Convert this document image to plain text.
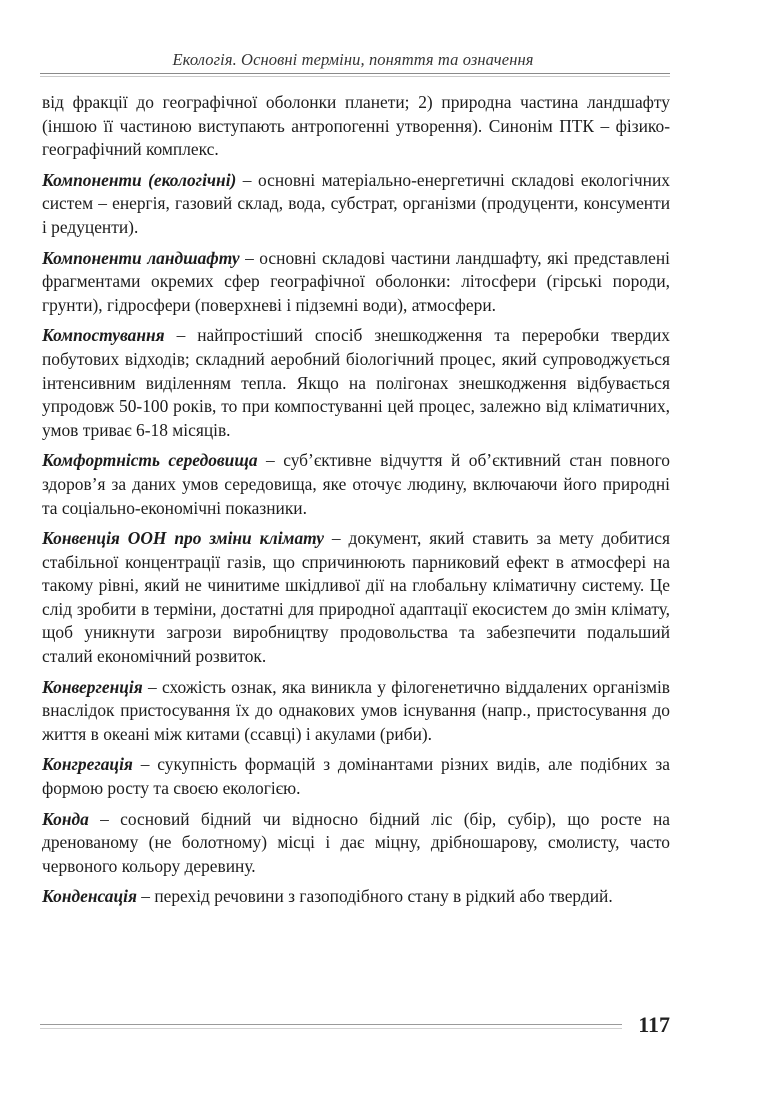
Екологія. Основні терміни, поняття та означення

від фракції до географічної оболонки планети; 2) природна частина ландшафту (іншою її частиною виступають антропогенні утворення). Синонім ПТК – фізико-географічний комплекс.

Компоненти (екологічні) – основні матеріально-енергетичні складові екологічних систем – енергія, газовий склад, вода, субстрат, організми (продуценти, консументи і редуценти).

Компоненти ландшафту – основні складові частини ландшафту, які представлені фрагментами окремих сфер географічної оболонки: літосфери (гірські породи, грунти), гідросфери (поверхневі і підземні води), атмосфери.

Компостування – найпростіший спосіб знешкодження та переробки твердих побутових відходів; складний аеробний біологічний процес, який супроводжується інтенсивним виділенням тепла. Якщо на полігонах знешкодження відбувається упродовж 50-100 років, то при компостуванні цей процес, залежно від кліматичних, умов триває 6-18 місяців.

Комфортність середовища – суб’єктивне відчуття й об’єктивний стан повного здоров’я за даних умов середовища, яке оточує людину, включаючи його природні та соціально-економічні показники.

Конвенція ООН про зміни клімату – документ, який ставить за мету добитися стабільної концентрації газів, що спричинюють парниковий ефект в атмосфері на такому рівні, який не чинитиме шкідливої дії на глобальну кліматичну систему. Це слід зробити в терміни, достатні для природної адаптації екосистем до змін клімату, щоб уникнути загрози виробництву продовольства та забезпечити подальший сталий економічний розвиток.

Конвергенція – схожість ознак, яка виникла у філогенетично віддалених організмів внаслідок пристосування їх до однакових умов існування (напр., пристосування до життя в океані між китами (ссавці) і акулами (риби).

Конгрегація – сукупність формацій з домінантами різних видів, але подібних за формою росту та своєю екологією.

Конда – сосновий бідний чи відносно бідний ліс (бір, субір), що росте на дренованому (не болотному) місці і дає міцну, дрібношарову, смолисту, часто червоного кольору деревину.

Конденсація – перехід речовини з газоподібного стану в рідкий або твердий.

117
